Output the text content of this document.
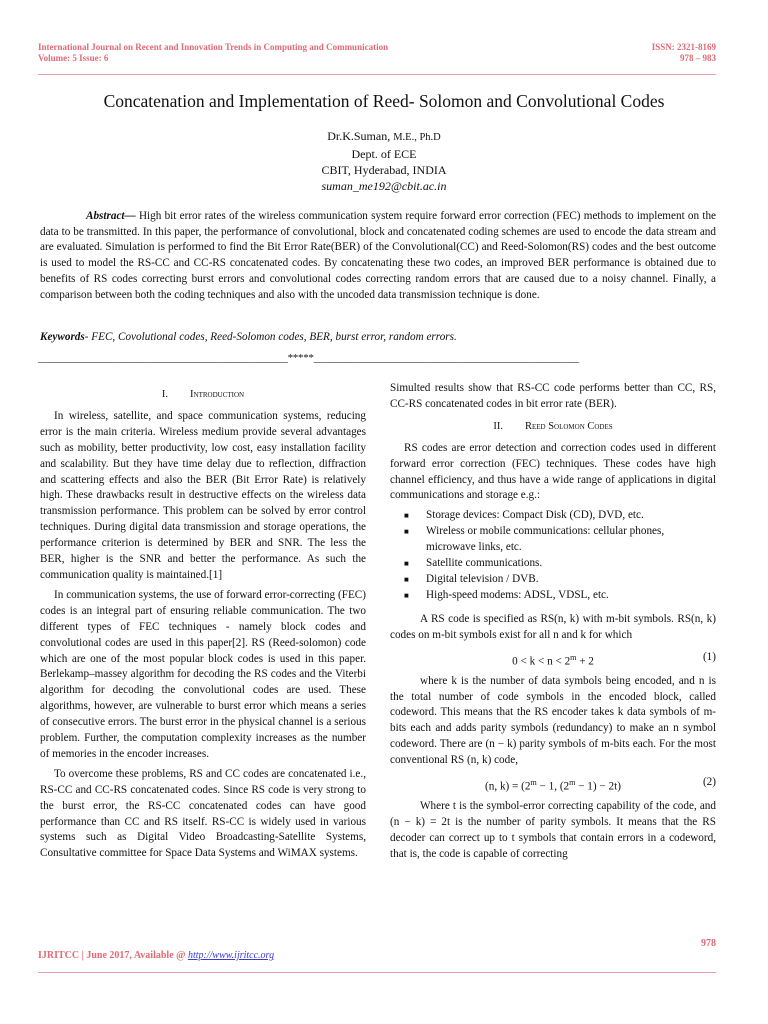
International Journal on Recent and Innovation Trends in Computing and Communication
Volume: 5 Issue: 6
ISSN: 2321-8169
978 – 983
Concatenation and Implementation of Reed- Solomon and Convolutional Codes
Dr.K.Suman, M.E., Ph.D
Dept. of ECE
CBIT, Hyderabad, INDIA
suman_me192@cbit.ac.in
Abstract— High bit error rates of the wireless communication system require forward error correction (FEC) methods to implement on the data to be transmitted. In this paper, the performance of convolutional, block and concatenated coding schemes are used to encode the data stream and are evaluated. Simulation is performed to find the Bit Error Rate(BER) of the Convolutional(CC) and Reed-Solomon(RS) codes and the best outcome is used to model the RS-CC and CC-RS concatenated codes. By concatenating these two codes, an improved BER performance is obtained due to benefits of RS codes correcting burst errors and convolutional codes correcting random errors that are caused due to a noisy channel. Finally, a comparison between both the coding techniques and also with the uncoded data transmission technique is done.
Keywords- FEC, Covolutional codes, Reed-Solomon codes, BER, burst error, random errors.
________________________________________________*****___________________________________________________
I. Introduction

In wireless, satellite, and space communication systems, reducing error is the main criteria. Wireless medium provide several advantages such as mobility, better productivity, low cost, easy installation facility and scalability. But they have time delay due to reflection, diffraction and scattering effects and also the BER (Bit Error Rate) is relatively high. These drawbacks result in destructive effects on the wireless data transmission performance. This problem can be solved by error control techniques. During digital data transmission and storage operations, the performance criterion is determined by BER and SNR. The less the BER, higher is the SNR and better the performance. As such the communication quality is maintained.[1]

In communication systems, the use of forward error-correcting (FEC) codes is an integral part of ensuring reliable communication. The two different types of FEC techniques - namely block codes and convolutional codes are used in this paper[2]. RS (Reed-solomon) code which are one of the most popular block codes is used in this paper. Berlekamp–massey algorithm for decoding the RS codes and the Viterbi algorithm for decoding the convolutional codes are used. These algorithms, however, are vulnerable to burst error which means a series of consecutive errors. The burst error in the physical channel is a serious problem. Further, the computation complexity increases as the number of memories in the encoder increases.

To overcome these problems, RS and CC codes are concatenated i.e., RS-CC and CC-RS concatenated codes. Since RS code is very strong to the burst error, the RS-CC concatenated codes can have good performance than CC and RS itself. RS-CC is widely used in various systems such as Digital Video Broadcasting-Satellite Systems, Consultative committee for Space Data Systems and WiMAX systems.

Simulted results show that RS-CC code performs better than CC, RS, CC-RS concatenated codes in bit error rate (BER).

II. Reed Solomon Codes

RS codes are error detection and correction codes used in different forward error correction (FEC) techniques. These codes have high channel efficiency, and thus have a wide range of applications in digital communications and storage e.g.:

■ Storage devices: Compact Disk (CD), DVD, etc.
■ Wireless or mobile communications: cellular phones, microwave links, etc.
■ Satellite communications.
■ Digital television / DVB.
■ High-speed modems: ADSL, VDSL, etc.

A RS code is specified as RS(n, k) with m-bit symbols. RS(n, k) codes on m-bit symbols exist for all n and k for which

$0 < k < n < 2^m + 2$	(1)

where k is the number of data symbols being encoded, and n is the total number of code symbols in the encoded block, called codeword. This means that the RS encoder takes k data symbols of m- bits each and adds parity symbols (redundancy) to make an n symbol codeword. There are (n − k) parity symbols of m-bits each. For the most conventional RS (n, k) code,

(n, $k) = (2^m - 1$, $(2^m - 1) - 2t$)	(2)

Where t is the symbol-error correcting capability of the code, and (n − k) = 2t is the number of parity symbols. It means that the RS decoder can correct up to t symbols that contain errors in a codeword, that is, the code is capable of correcting

978
IJRITCC | June 2017, Available @ http://www.ijritcc.org
